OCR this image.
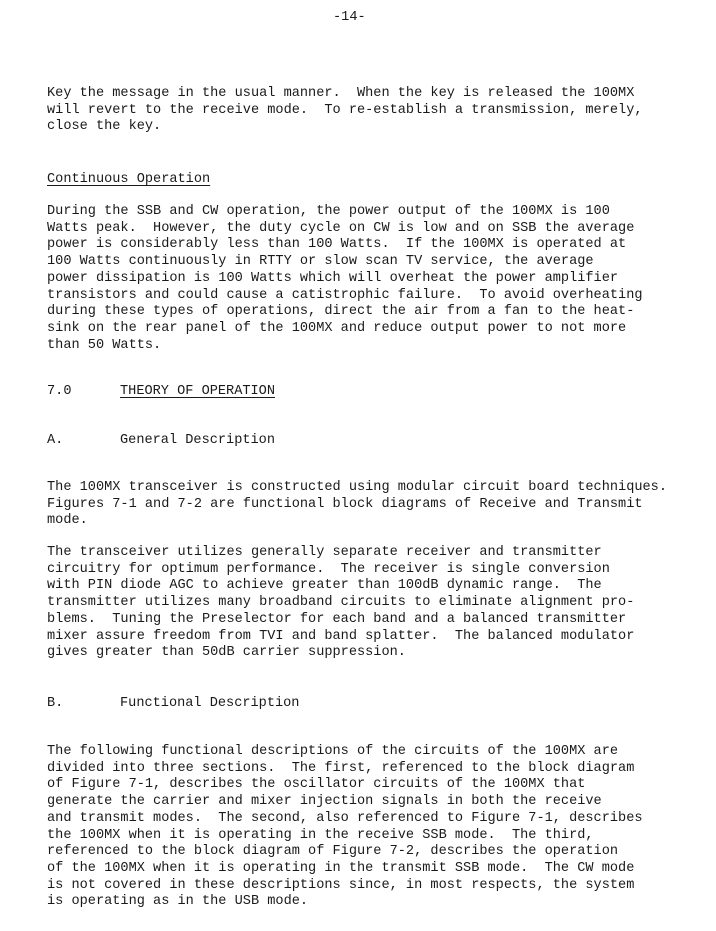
-14-
Key the message in the usual manner.  When the key is released the 100MX
will revert to the receive mode.  To re-establish a transmission, merely,
close the key.
Continuous Operation
During the SSB and CW operation, the power output of the 100MX is 100
Watts peak.  However, the duty cycle on CW is low and on SSB the average
power is considerably less than 100 Watts.  If the 100MX is operated at
100 Watts continuously in RTTY or slow scan TV service, the average
power dissipation is 100 Watts which will overheat the power amplifier
transistors and could cause a catistrophic failure.  To avoid overheating
during these types of operations, direct the air from a fan to the heat-
sink on the rear panel of the 100MX and reduce output power to not more
than 50 Watts.
7.0	THEORY OF OPERATION
A.	General Description
The 100MX transceiver is constructed using modular circuit board techniques.
Figures 7-1 and 7-2 are functional block diagrams of Receive and Transmit
mode.
The transceiver utilizes generally separate receiver and transmitter
circuitry for optimum performance.  The receiver is single conversion
with PIN diode AGC to achieve greater than 100dB dynamic range.  The
transmitter utilizes many broadband circuits to eliminate alignment pro-
blems.  Tuning the Preselector for each band and a balanced transmitter
mixer assure freedom from TVI and band splatter.  The balanced modulator
gives greater than 50dB carrier suppression.
B.	Functional Description
The following functional descriptions of the circuits of the 100MX are
divided into three sections.  The first, referenced to the block diagram
of Figure 7-1, describes the oscillator circuits of the 100MX that
generate the carrier and mixer injection signals in both the receive
and transmit modes.  The second, also referenced to Figure 7-1, describes
the 100MX when it is operating in the receive SSB mode.  The third,
referenced to the block diagram of Figure 7-2, describes the operation
of the 100MX when it is operating in the transmit SSB mode.  The CW mode
is not covered in these descriptions since, in most respects, the system
is operating as in the USB mode.
